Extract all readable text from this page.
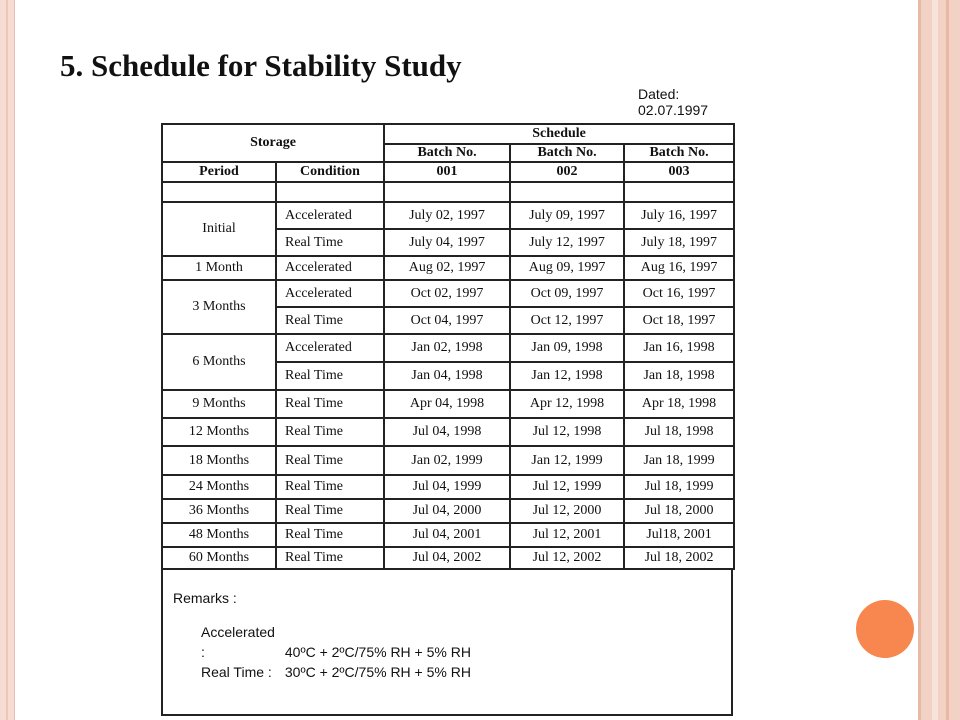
5. Schedule for Stability Study
Dated:
02.07.1997
Storage		Schedule		
		Batch No.	Batch No.	Batch No.
Period	Condition	001	002	003

Initial	Accelerated	July 02, 1997	July 09, 1997	July 16, 1997
	Real Time	July 04, 1997	July 12, 1997	July 18, 1997
1 Month	Accelerated	Aug 02, 1997	Aug 09, 1997	Aug 16, 1997
3 Months	Accelerated	Oct 02, 1997	Oct 09, 1997	Oct 16, 1997
	Real Time	Oct 04, 1997	Oct 12, 1997	Oct 18, 1997
6 Months	Accelerated	Jan 02, 1998	Jan 09, 1998	Jan 16, 1998
	Real Time	Jan 04, 1998	Jan 12, 1998	Jan 18, 1998
9 Months	Real Time	Apr 04, 1998	Apr 12, 1998	Apr 18, 1998
12 Months	Real Time	Jul 04, 1998	Jul 12, 1998	Jul 18, 1998
18 Months	Real Time	Jan 02, 1999	Jan 12, 1999	Jan 18, 1999
24 Months	Real Time	Jul 04, 1999	Jul 12, 1999	Jul 18, 1999
36 Months	Real Time	Jul 04, 2000	Jul 12, 2000	Jul 18, 2000
48 Months	Real Time	Jul 04, 2001	Jul 12, 2001	Jul18, 2001
60 Months	Real Time	Jul 04, 2002	Jul 12, 2002	Jul 18, 2002
Remarks :
Accelerated :	40ºC + 2ºC/75% RH + 5% RH
Real Time : 30ºC + 2ºC/75% RH + 5% RH
